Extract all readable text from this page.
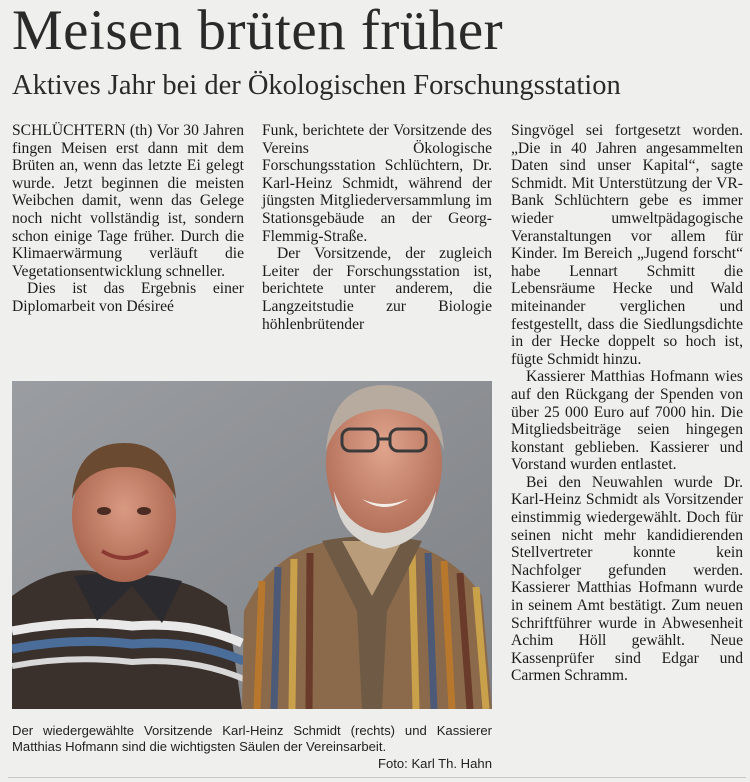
Meisen brüten früher
Aktives Jahr bei der Ökologischen Forschungsstation

SCHLÜCHTERN (th) Vor 30 Jahren fingen Meisen erst dann mit dem Brüten an, wenn das letzte Ei gelegt wurde. Jetzt beginnen die meisten Weibchen damit, wenn das Gelege noch nicht vollständig ist, sondern schon einige Tage früher. Durch die Klimaerwärmung verläuft die Vegetationsentwicklung schneller.

Dies ist das Ergebnis einer Diplomarbeit von Désireé

Funk, berichtete der Vorsitzende des Vereins Ökologische Forschungsstation Schlüchtern, Dr. Karl-Heinz Schmidt, während der jüngsten Mitgliederversammlung im Stationsgebäude an der Georg-Flemmig-Straße.

Der Vorsitzende, der zugleich Leiter der Forschungsstation ist, berichtete unter anderem, die Langzeitstudie zur Biologie höhlenbrütender

Singvögel sei fortgesetzt worden. „Die in 40 Jahren angesammelten Daten sind unser Kapital“, sagte Schmidt. Mit Unterstützung der VR-Bank Schlüchtern gebe es immer wieder umweltpädagogische Veranstaltungen vor allem für Kinder. Im Bereich „Jugend forscht“ habe Lennart Schmitt die Lebensräume Hecke und Wald miteinander verglichen und festgestellt, dass die Siedlungsdichte in der Hecke doppelt so hoch ist, fügte Schmidt hinzu.

Kassierer Matthias Hofmann wies auf den Rückgang der Spenden von über 25 000 Euro auf 7000 hin. Die Mitgliedsbeiträge seien hingegen konstant geblieben. Kassierer und Vorstand wurden entlastet.

Bei den Neuwahlen wurde Dr. Karl-Heinz Schmidt als Vorsitzender einstimmig wiedergewählt. Doch für seinen nicht mehr kandidierenden Stellvertreter konnte kein Nachfolger gefunden werden. Kassierer Matthias Hofmann wurde in seinem Amt bestätigt. Zum neuen Schriftführer wurde in Abwesenheit Achim Höll gewählt. Neue Kassenprüfer sind Edgar und Carmen Schramm.

Der wiedergewählte Vorsitzende Karl-Heinz Schmidt (rechts) und Kassierer Matthias Hofmann sind die wichtigsten Säulen der Vereinsarbeit.
Foto: Karl Th. Hahn
